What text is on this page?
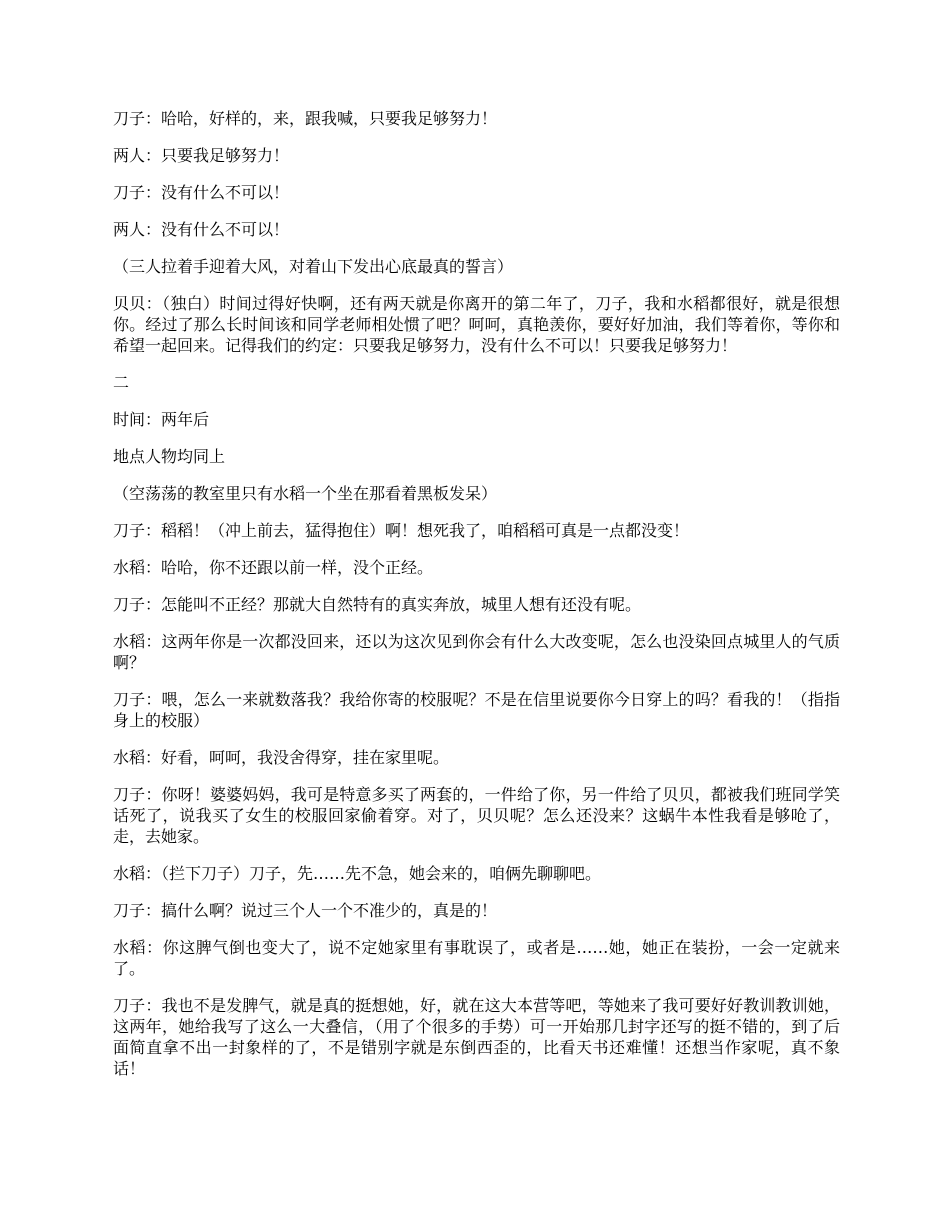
刀子：哈哈，好样的，来，跟我喊，只要我足够努力！

两人：只要我足够努力！

刀子：没有什么不可以！

两人：没有什么不可以！

（三人拉着手迎着大风，对着山下发出心底最真的誓言）

贝贝：（独白）时间过得好快啊，还有两天就是你离开的第二年了，刀子，我和水稻都很好，就是很想你。经过了那么长时间该和同学老师相处惯了吧？呵呵，真艳羡你，要好好加油，我们等着你，等你和希望一起回来。记得我们的约定：只要我足够努力，没有什么不可以！只要我足够努力！

二

时间：两年后

地点人物均同上

（空荡荡的教室里只有水稻一个坐在那看着黑板发呆）

刀子：稻稻！（冲上前去，猛得抱住）啊！想死我了，咱稻稻可真是一点都没变！

水稻：哈哈，你不还跟以前一样，没个正经。

刀子：怎能叫不正经？那就大自然特有的真实奔放，城里人想有还没有呢。

水稻：这两年你是一次都没回来，还以为这次见到你会有什么大改变呢，怎么也没染回点城里人的气质啊？

刀子：喂，怎么一来就数落我？我给你寄的校服呢？不是在信里说要你今日穿上的吗？看我的！（指指身上的校服）

水稻：好看，呵呵，我没舍得穿，挂在家里呢。

刀子：你呀！婆婆妈妈，我可是特意多买了两套的，一件给了你，另一件给了贝贝，都被我们班同学笑话死了，说我买了女生的校服回家偷着穿。对了，贝贝呢？怎么还没来？这蜗牛本性我看是够呛了，走，去她家。

水稻：（拦下刀子）刀子，先……先不急，她会来的，咱俩先聊聊吧。

刀子：搞什么啊？说过三个人一个不准少的，真是的！

水稻：你这脾气倒也变大了，说不定她家里有事耽误了，或者是……她，她正在装扮，一会一定就来了。

刀子：我也不是发脾气，就是真的挺想她，好，就在这大本营等吧，等她来了我可要好好教训教训她，这两年，她给我写了这么一大叠信，（用了个很多的手势）可一开始那几封字还写的挺不错的，到了后面简直拿不出一封象样的了，不是错别字就是东倒西歪的，比看天书还难懂！还想当作家呢，真不象话！
